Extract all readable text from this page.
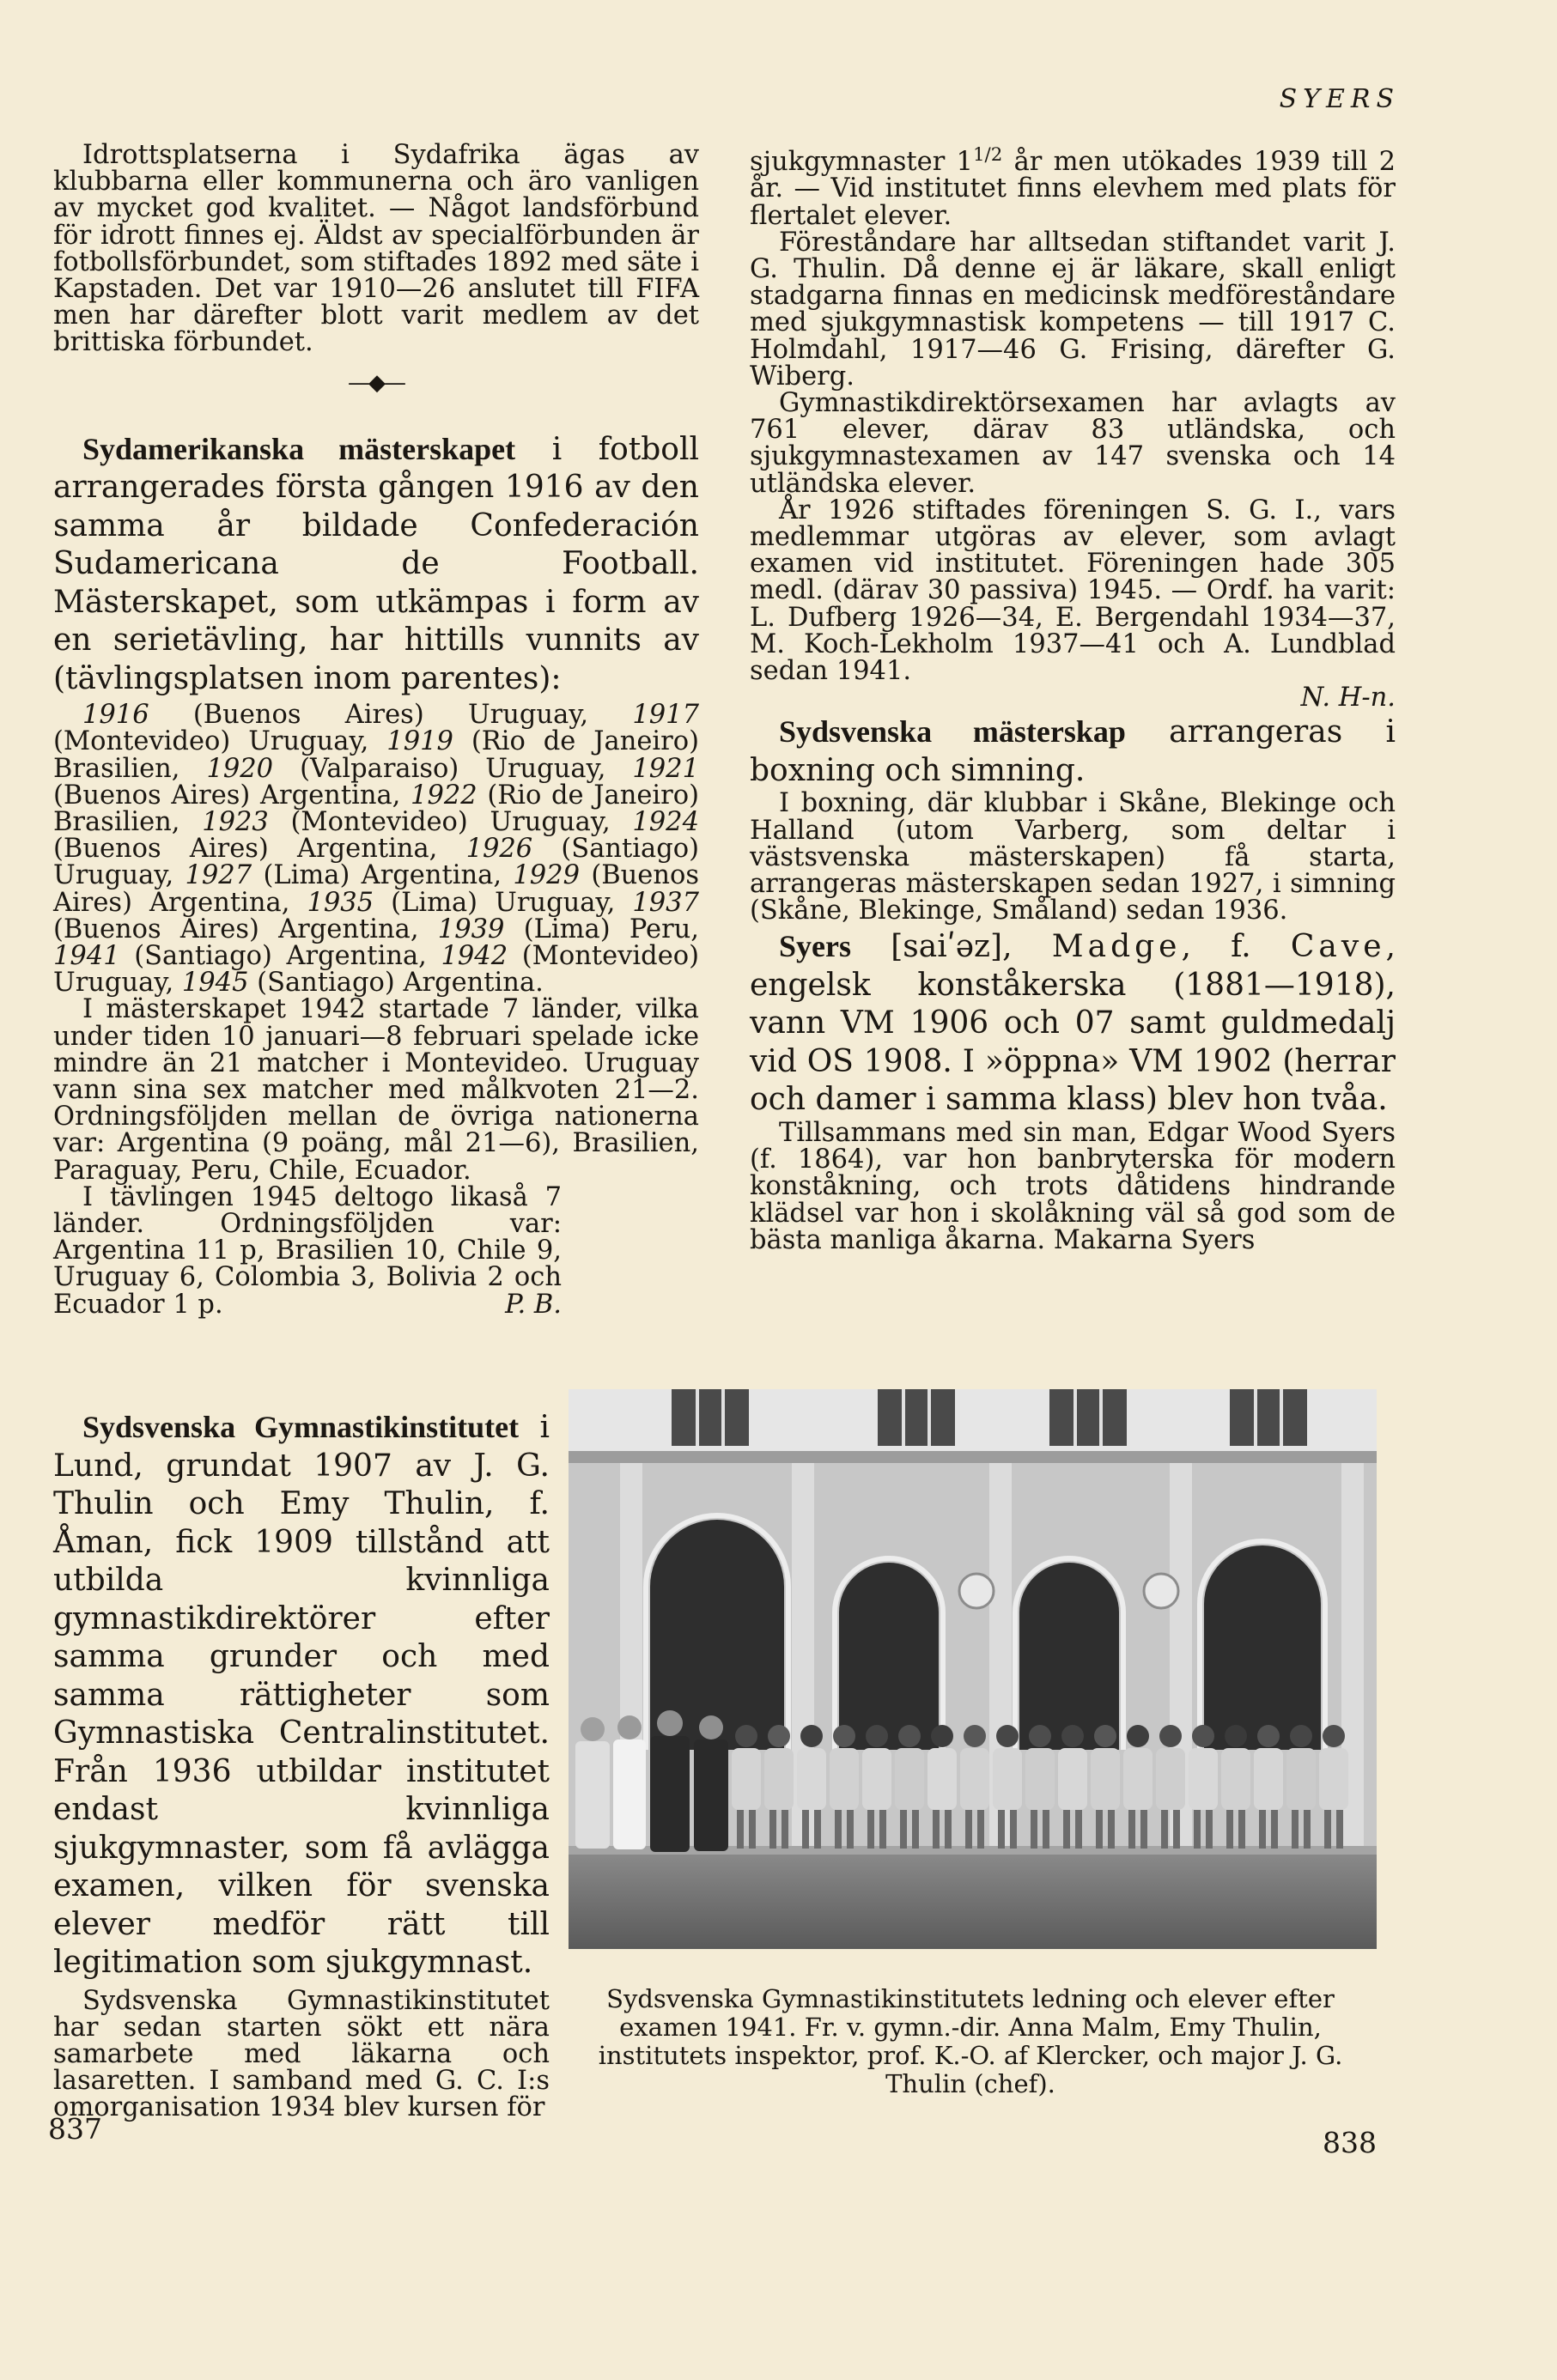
SYERS

Idrottsplatserna i Sydafrika ägas av klubbarna eller kommunerna och äro vanligen av mycket god kvalitet. — Något landsförbund för idrott finnes ej. Äldst av specialförbunden är fotbollsförbundet, som stiftades 1892 med säte i Kapstaden. Det var 1910—26 anslutet till FIFA men har därefter blott varit medlem av det brittiska förbundet.

—◆—

Sydamerikanska mästerskapet i fotboll arrangerades första gången 1916 av den samma år bildade Confederación Sudamericana de Football. Mästerskapet, som utkämpas i form av en serietävling, har hittills vunnits av (tävlingsplatsen inom parentes):

1916 (Buenos Aires) Uruguay, 1917 (Montevideo) Uruguay, 1919 (Rio de Janeiro) Brasilien, 1920 (Valparaiso) Uruguay, 1921 (Buenos Aires) Argentina, 1922 (Rio de Janeiro) Brasilien, 1923 (Montevideo) Uruguay, 1924 (Buenos Aires) Argentina, 1926 (Santiago) Uruguay, 1927 (Lima) Argentina, 1929 (Buenos Aires) Argentina, 1935 (Lima) Uruguay, 1937 (Buenos Aires) Argentina, 1939 (Lima) Peru, 1941 (Santiago) Argentina, 1942 (Montevideo) Uruguay, 1945 (Santiago) Argentina.

I mästerskapet 1942 startade 7 länder, vilka under tiden 10 januari—8 februari spelade icke mindre än 21 matcher i Montevideo. Uruguay vann sina sex matcher med målkvoten 21—2. Ordningsföljden mellan de övriga nationerna var: Argentina (9 poäng, mål 21—6), Brasilien, Paraguay, Peru, Chile, Ecuador.

I tävlingen 1945 deltogo likaså 7 länder. Ordningsföljden var: Argentina 11 p, Brasilien 10, Chile 9, Uruguay 6, Colombia 3, Bolivia 2 och Ecuador 1 p.	P. B.

Sydsvenska Gymnastikinstitutet i Lund, grundat 1907 av J. G. Thulin och Emy Thulin, f. Åman, fick 1909 tillstånd att utbilda kvinnliga gymnastikdirektörer efter samma grunder och med samma rättigheter som Gymnastiska Centralinstitutet. Från 1936 utbildar institutet endast kvinnliga sjukgymnaster, som få avlägga examen, vilken för svenska elever medför rätt till legitimation som sjukgymnast.

Sydsvenska Gymnastikinstitutet har sedan starten sökt ett nära samarbete med läkarna och lasaretten. I samband med G. C. I:s omorganisation 1934 blev kursen för

sjukgymnaster $1^{1/2}$ år men utökades 1939 till 2 år. — Vid institutet finns elevhem med plats för flertalet elever.

Föreståndare har alltsedan stiftandet varit J. G. Thulin. Då denne ej är läkare, skall enligt stadgarna finnas en medicinsk medföreståndare med sjukgymnastisk kompetens — till 1917 C. Holmdahl, 1917—46 G. Frising, därefter G. Wiberg.

Gymnastikdirektörsexamen har avlagts av 761 elever, därav 83 utländska, och sjukgymnastexamen av 147 svenska och 14 utländska elever.

År 1926 stiftades föreningen S. G. I., vars medlemmar utgöras av elever, som avlagt examen vid institutet. Föreningen hade 305 medl. (därav 30 passiva) 1945. — Ordf. ha varit: L. Dufberg 1926—34, E. Bergendahl 1934—37, M. Koch-Lekholm 1937—41 och A. Lundblad sedan 1941.

N. H-n.

Sydsvenska mästerskap arrangeras i boxning och simning.

I boxning, där klubbar i Skåne, Blekinge och Halland (utom Varberg, som deltar i västsvenska mästerskapen) få starta, arrangeras mästerskapen sedan 1927, i simning (Skåne, Blekinge, Småland) sedan 1936.

Syers [saiʹəz], Madge, f. Cave, engelsk konståkerska (1881—1918), vann VM 1906 och 07 samt guldmedalj vid OS 1908. I »öppna» VM 1902 (herrar och damer i samma klass) blev hon tvåa.

Tillsammans med sin man, Edgar Wood Syers (f. 1864), var hon banbryterska för modern konståkning, och trots dåtidens hindrande klädsel var hon i skolåkning väl så god som de bästa manliga åkarna. Makarna Syers

Sydsvenska Gymnastikinstitutets ledning och elever efter examen 1941. Fr. v. gymn.-dir. Anna Malm, Emy Thulin, institutets inspektor, prof. K.-O. af Klercker, och major J. G. Thulin (chef).

837	838
